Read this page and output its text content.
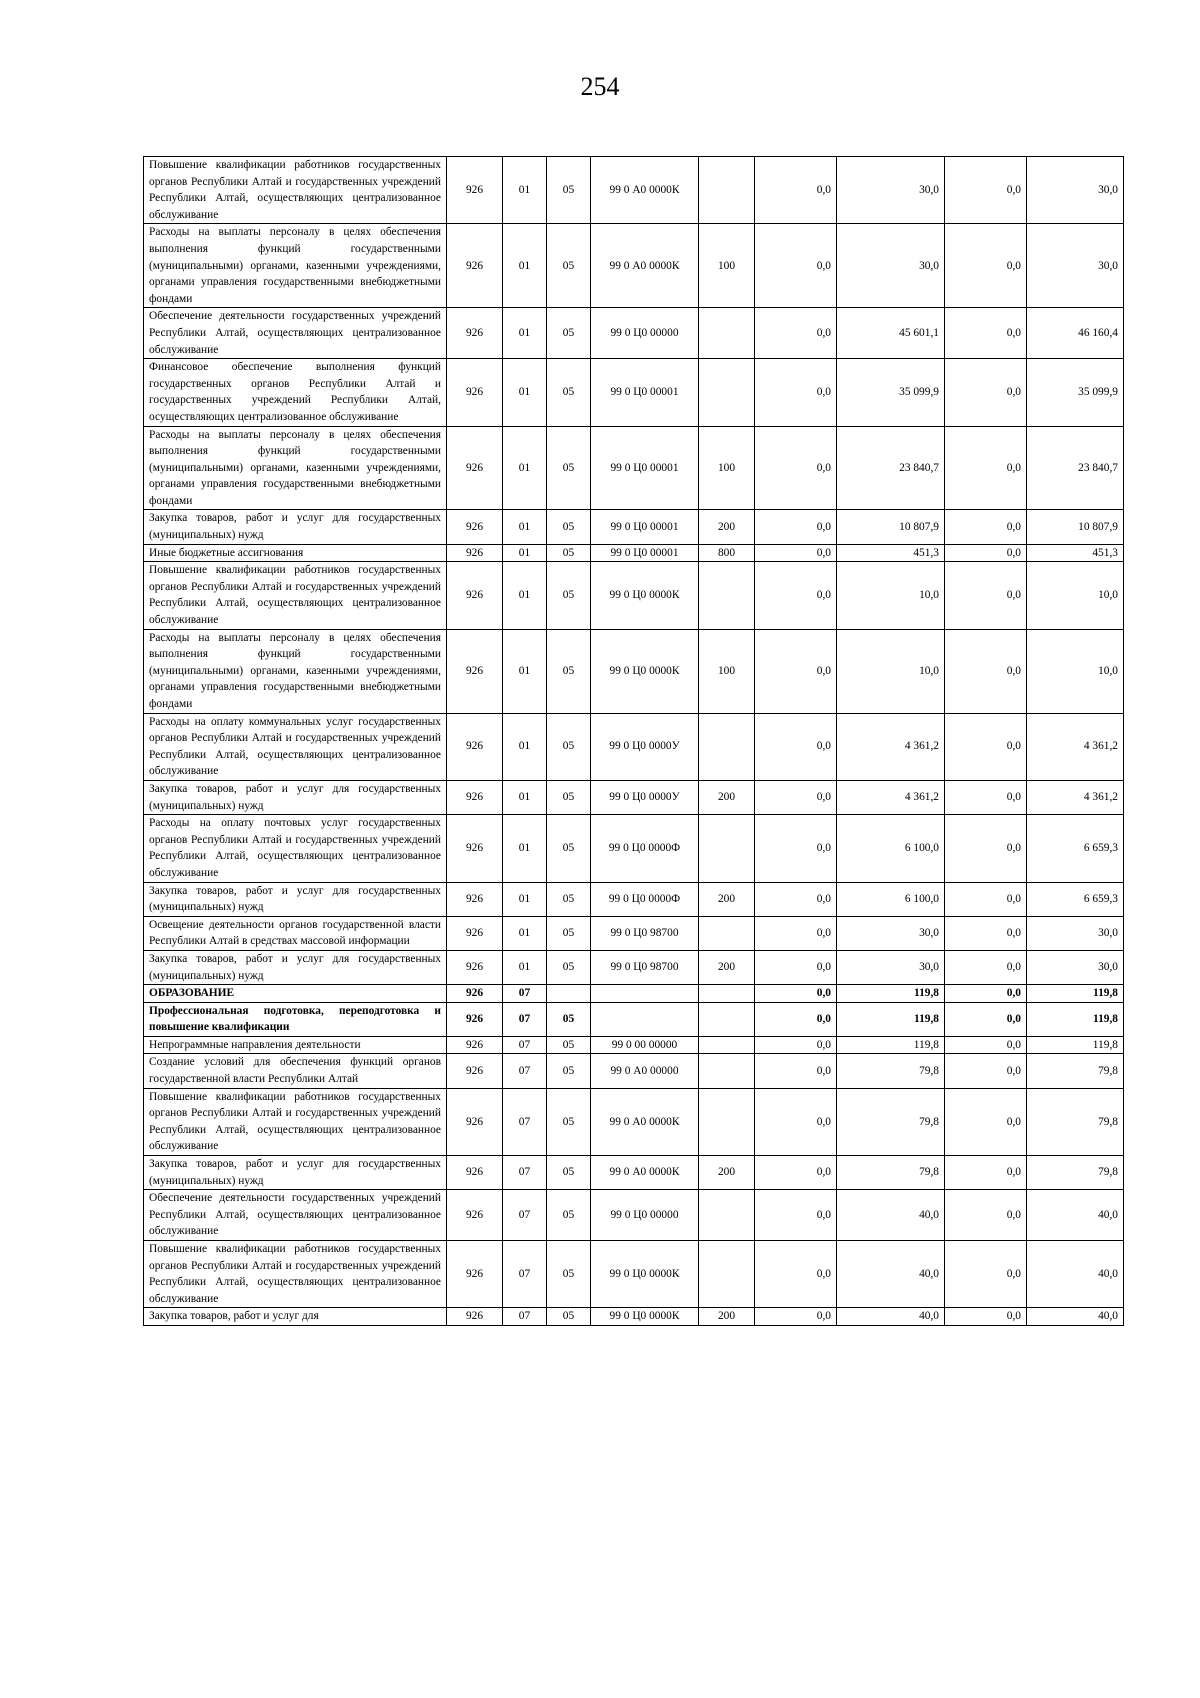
254
Повышение квалификации работников государственных органов Республики Алтай и государственных учреждений Республики Алтай, осуществляющих централизованное обслуживание	926	01	05	99 0 А0 0000К		0,0	30,0	0,0	30,0
Расходы на выплаты персоналу в целях обеспечения выполнения функций государственными (муниципальными) органами, казенными учреждениями, органами управления государственными внебюджетными фондами	926	01	05	99 0 А0 0000К	100	0,0	30,0	0,0	30,0
Обеспечение деятельности государственных учреждений Республики Алтай, осуществляющих централизованное обслуживание	926	01	05	99 0 Ц0 00000		0,0	45 601,1	0,0	46 160,4
Финансовое обеспечение выполнения функций государственных органов Республики Алтай и государственных учреждений Республики Алтай, осуществляющих централизованное обслуживание	926	01	05	99 0 Ц0 00001		0,0	35 099,9	0,0	35 099,9
Расходы на выплаты персоналу в целях обеспечения выполнения функций государственными (муниципальными) органами, казенными учреждениями, органами управления государственными внебюджетными фондами	926	01	05	99 0 Ц0 00001	100	0,0	23 840,7	0,0	23 840,7
Закупка товаров, работ и услуг для государственных (муниципальных) нужд	926	01	05	99 0 Ц0 00001	200	0,0	10 807,9	0,0	10 807,9
Иные бюджетные ассигнования	926	01	05	99 0 Ц0 00001	800	0,0	451,3	0,0	451,3
Повышение квалификации работников государственных органов Республики Алтай и государственных учреждений Республики Алтай, осуществляющих централизованное обслуживание	926	01	05	99 0 Ц0 0000К		0,0	10,0	0,0	10,0
Расходы на выплаты персоналу в целях обеспечения выполнения функций государственными (муниципальными) органами, казенными учреждениями, органами управления государственными внебюджетными фондами	926	01	05	99 0 Ц0 0000К	100	0,0	10,0	0,0	10,0
Расходы на оплату коммунальных услуг государственных органов Республики Алтай и государственных учреждений Республики Алтай, осуществляющих централизованное обслуживание	926	01	05	99 0 Ц0 0000У		0,0	4 361,2	0,0	4 361,2
Закупка товаров, работ и услуг для государственных (муниципальных) нужд	926	01	05	99 0 Ц0 0000У	200	0,0	4 361,2	0,0	4 361,2
Расходы на оплату почтовых услуг государственных органов Республики Алтай и государственных учреждений Республики Алтай, осуществляющих централизованное обслуживание	926	01	05	99 0 Ц0 0000Ф		0,0	6 100,0	0,0	6 659,3
Закупка товаров, работ и услуг для государственных (муниципальных) нужд	926	01	05	99 0 Ц0 0000Ф	200	0,0	6 100,0	0,0	6 659,3
Освещение деятельности органов государственной власти Республики Алтай в средствах массовой информации	926	01	05	99 0 Ц0 98700		0,0	30,0	0,0	30,0
Закупка товаров, работ и услуг для государственных (муниципальных) нужд	926	01	05	99 0 Ц0 98700	200	0,0	30,0	0,0	30,0
ОБРАЗОВАНИЕ	926	07				0,0	119,8	0,0	119,8
Профессиональная подготовка, переподготовка и повышение квалификации	926	07	05			0,0	119,8	0,0	119,8
Непрограммные направления деятельности	926	07	05	99 0 00 00000		0,0	119,8	0,0	119,8
Создание условий для обеспечения функций органов государственной власти Республики Алтай	926	07	05	99 0 А0 00000		0,0	79,8	0,0	79,8
Повышение квалификации работников государственных органов Республики Алтай и государственных учреждений Республики Алтай, осуществляющих централизованное обслуживание	926	07	05	99 0 А0 0000К		0,0	79,8	0,0	79,8
Закупка товаров, работ и услуг для государственных (муниципальных) нужд	926	07	05	99 0 А0 0000К	200	0,0	79,8	0,0	79,8
Обеспечение деятельности государственных учреждений Республики Алтай, осуществляющих централизованное обслуживание	926	07	05	99 0 Ц0 00000		0,0	40,0	0,0	40,0
Повышение квалификации работников государственных органов Республики Алтай и государственных учреждений Республики Алтай, осуществляющих централизованное обслуживание	926	07	05	99 0 Ц0 0000К		0,0	40,0	0,0	40,0
Закупка товаров, работ и услуг для	926	07	05	99 0 Ц0 0000К	200	0,0	40,0	0,0	40,0
